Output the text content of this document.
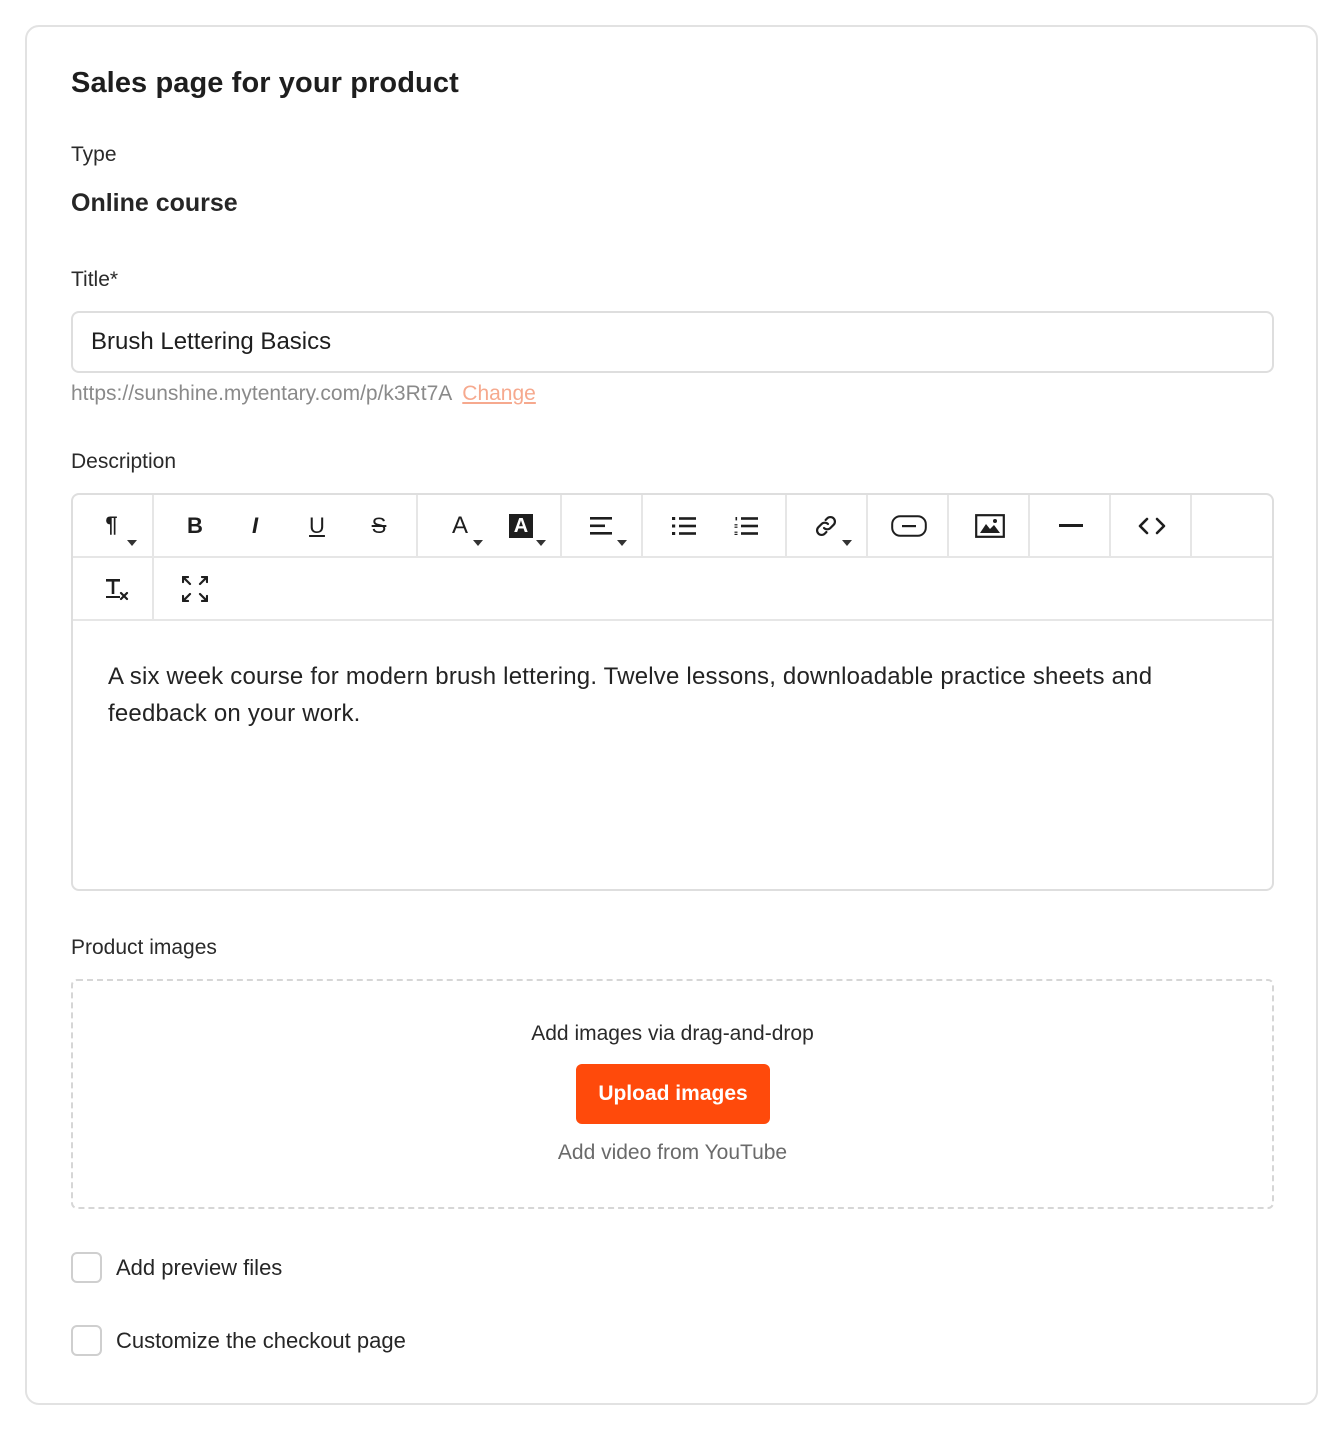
Sales page for your product
Type
Online course
Title*
Brush Lettering Basics
https://sunshine.mytentary.com/p/k3Rt7A Change
Description
¶	B I U S	A A
A six week course for modern brush lettering. Twelve lessons, downloadable practice sheets and feedback on your work.
Product images
Add images via drag-and-drop
Upload images
Add video from YouTube
Add preview files
Customize the checkout page
